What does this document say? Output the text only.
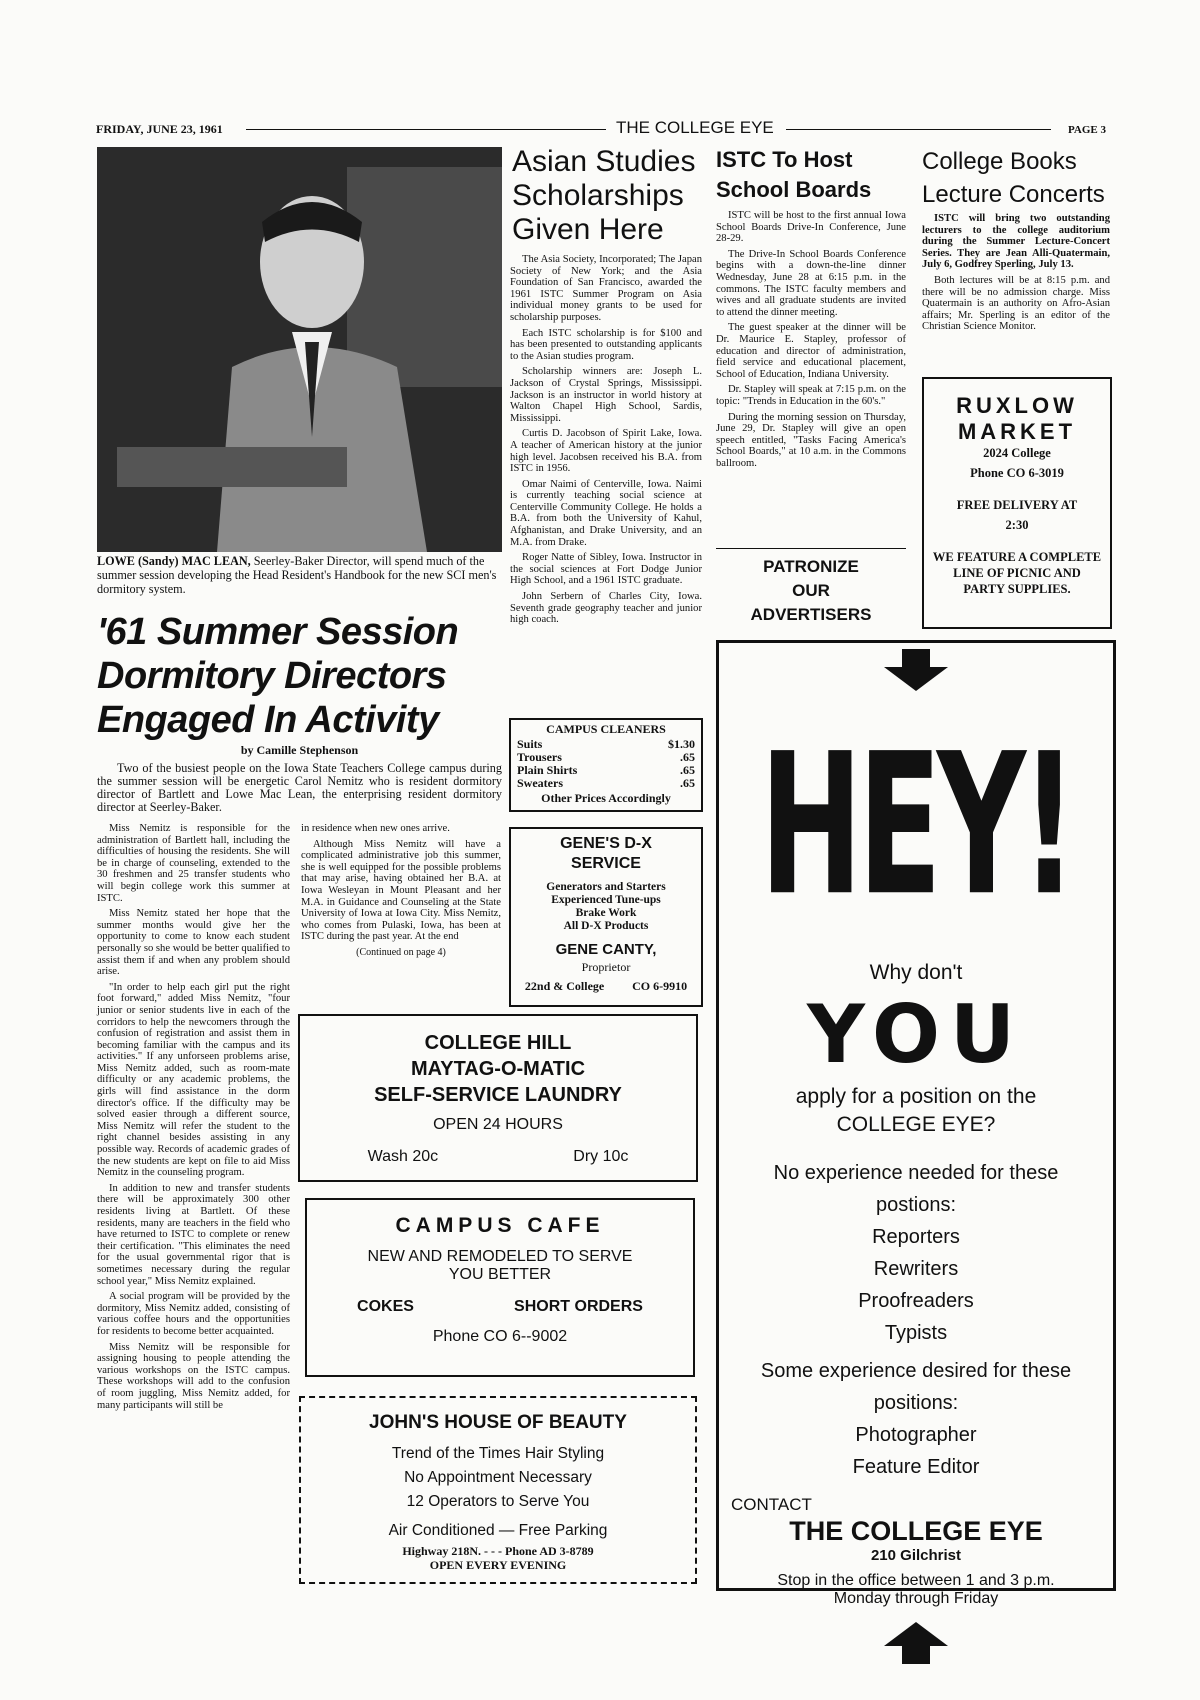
FRIDAY, JUNE 23, 1961	THE COLLEGE EYE	PAGE 3
LOWE (Sandy) MAC LEAN, Seerley-Baker Director, will spend much of the summer session developing the Head Resident's Handbook for the new SCI men's dormitory system.
'61 Summer Session Dormitory Directors Engaged In Activity
by Camille Stephenson
Two of the busiest people on the Iowa State Teachers College campus during the summer session will be energetic Carol Nemitz who is resident dormitory director of Bartlett and Lowe Mac Lean, the enterprising resident dormitory director at Seerley-Baker.

Miss Nemitz is responsible for the administration of Bartlett hall, including the difficulties of housing the residents. She will be in charge of counseling, extended to the 30 freshmen and 25 transfer students who will begin college work this summer at ISTC.

Miss Nemitz stated her hope that the summer months would give her the opportunity to come to know each student personally so she would be better qualified to assist them if and when any problem should arise.

"In order to help each girl put the right foot forward," added Miss Nemitz, "four junior or senior students live in each of the corridors to help the newcomers through the confusion of registration and assist them in becoming familiar with the campus and its activities." If any unforseen problems arise, Miss Nemitz added, such as room-mate difficulty or any academic problems, the girls will find assistance in the dorm director's office. If the difficulty may be solved easier through a different source, Miss Nemitz will refer the student to the right channel besides assisting in any possible way. Records of academic grades of the new students are kept on file to aid Miss Nemitz in the counseling program.

In addition to new and transfer students there will be approximately 300 other residents living at Bartlett. Of these residents, many are teachers in the field who have returned to ISTC to complete or renew their certification. "This eliminates the need for the usual governmental rigor that is sometimes necessary during the regular school year," Miss Nemitz explained.

A social program will be provided by the dormitory, Miss Nemitz added, consisting of various coffee hours and the opportunities for residents to become better acquainted.

Miss Nemitz will be responsible for assigning housing to people attending the various workshops on the ISTC campus. These workshops will add to the confusion of room juggling, Miss Nemitz added, for many participants will still be

in residence when new ones arrive.

Although Miss Nemitz will have a complicated administrative job this summer, she is well equipped for the possible problems that may arise, having obtained her B.A. at Iowa Wesleyan in Mount Pleasant and her M.A. in Guidance and Counseling at the State University of Iowa at Iowa City. Miss Nemitz, who comes from Pulaski, Iowa, has been at ISTC during the past year. At the end

(Continued on page 4)
Asian Studies Scholarships Given Here

The Asia Society, Incorporated; The Japan Society of New York; and the Asia Foundation of San Francisco, awarded the 1961 ISTC Summer Program on Asia individual money grants to be used for scholarship purposes.

Each ISTC scholarship is for $100 and has been presented to outstanding applicants to the Asian studies program.

Scholarship winners are: Joseph L. Jackson of Crystal Springs, Mississippi. Jackson is an instructor in world history at Walton Chapel High School, Sardis, Mississippi.

Curtis D. Jacobson of Spirit Lake, Iowa. A teacher of American history at the junior high level. Jacobsen received his B.A. from ISTC in 1956.

Omar Naimi of Centerville, Iowa. Naimi is currently teaching social science at Centerville Community College. He holds a B.A. from both the University of Kahul, Afghanistan, and Drake University, and an M.A. from Drake.

Roger Natte of Sibley, Iowa. Instructor in the social sciences at Fort Dodge Junior High School, and a 1961 ISTC graduate.

John Serbern of Charles City, Iowa. Seventh grade geography teacher and junior high coach.

ISTC To Host School Boards

ISTC will be host to the first annual Iowa School Boards Drive-In Conference, June 28-29.

The Drive-In School Boards Conference begins with a down-the-line dinner Wednesday, June 28 at 6:15 p.m. in the commons. The ISTC faculty members and wives and all graduate students are invited to attend the dinner meeting.

The guest speaker at the dinner will be Dr. Maurice E. Stapley, professor of education and director of administration, field service and educational placement, School of Education, Indiana University.

Dr. Stapley will speak at 7:15 p.m. on the topic: "Trends in Education in the 60's."

During the morning session on Thursday, June 29, Dr. Stapley will give an open speech entitled, "Tasks Facing America's School Boards," at 10 a.m. in the Commons ballroom.

PATRONIZE
OUR
ADVERTISERS
College Books Lecture Concerts

ISTC will bring two outstanding lecturers to the college auditorium during the Summer Lecture-Concert Series. They are Jean Alli-Quatermain, July 6, Godfrey Sperling, July 13.

Both lectures will be at 8:15 p.m. and there will be no admission charge. Miss Quatermain is an authority on Afro-Asian affairs; Mr. Sperling is an editor of the Christian Science Monitor.

RUXLOW
MARKET
2024 College
Phone CO 6-3019
FREE DELIVERY AT
2:30
WE FEATURE A COMPLETE LINE OF PICNIC AND PARTY SUPPLIES.
CAMPUS CLEANERS
Suits	$1.30
Trousers	.65
Plain Shirts	.65
Sweaters	.65
Other Prices Accordingly
GENE'S D-X
SERVICE
Generators and Starters
Experienced Tune-ups
Brake Work
All D-X Products
GENE CANTY,
Proprietor
22nd & College CO 6-9910
COLLEGE HILL
MAYTAG-O-MATIC
SELF-SERVICE LAUNDRY
OPEN 24 HOURS
Wash 20c	Dry 10c
CAMPUS CAFE
NEW AND REMODELED TO SERVE
YOU BETTER
COKES	SHORT ORDERS
Phone CO 6--9002
JOHN'S HOUSE OF BEAUTY
Trend of the Times Hair Styling
No Appointment Necessary
12 Operators to Serve You
Air Conditioned — Free Parking
Highway 218N. - - - Phone AD 3-8789
OPEN EVERY EVENING
HEY!
Why don't
YOU
apply for a position on the
COLLEGE EYE?
No experience needed for these
postions:
Reporters
Rewriters
Proofreaders
Typists
Some experience desired for these
positions:
Photographer
Feature Editor
CONTACT
THE COLLEGE EYE
210 Gilchrist
Stop in the office between 1 and 3 p.m.
Monday through Friday
